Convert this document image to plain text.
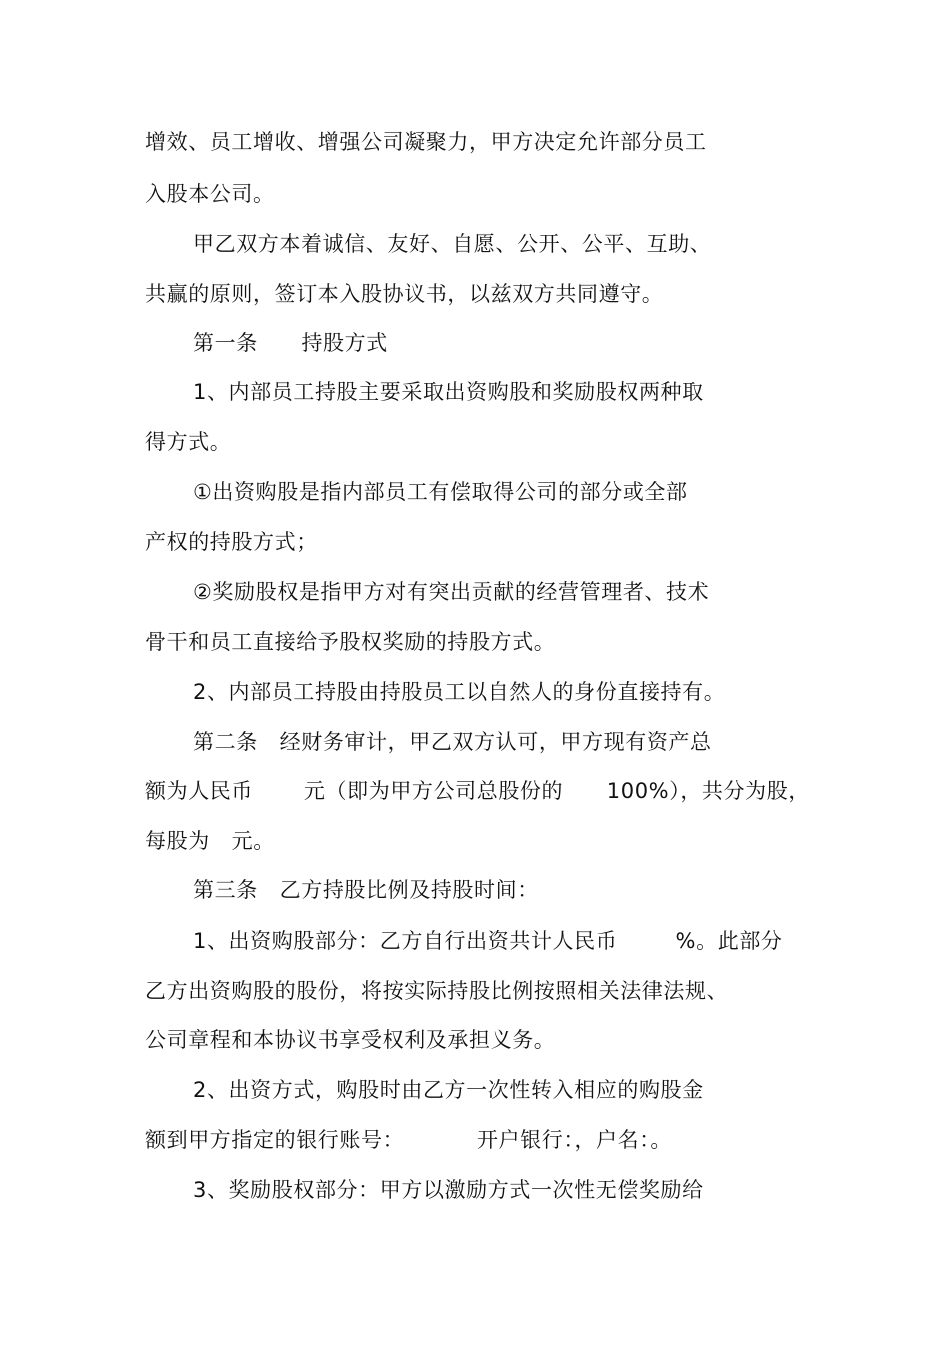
增效、员工增收、增强公司凝聚力，甲方决定允许部分员工
入股本公司。
甲乙双方本着诚信、友好、自愿、公开、公平、互助、
共赢的原则，签订本入股协议书，以兹双方共同遵守。
第一条      持股方式
1、内部员工持股主要采取出资购股和奖励股权两种取
得方式。
①出资购股是指内部员工有偿取得公司的部分或全部
产权的持股方式；
②奖励股权是指甲方对有突出贡献的经营管理者、技术
骨干和员工直接给予股权奖励的持股方式。
2、内部员工持股由持股员工以自然人的身份直接持有。
第二条   经财务审计，甲乙双方认可，甲方现有资产总
额为人民币       元（即为甲方公司总股份的      100%），共分为股，
每股为   元。
第三条   乙方持股比例及持股时间：
1、出资购股部分：乙方自行出资共计人民币        %。此部分
乙方出资购股的股份，将按实际持股比例按照相关法律法规、
公司章程和本协议书享受权利及承担义务。
2、出资方式，购股时由乙方一次性转入相应的购股金
额到甲方指定的银行账号：          开户银行：，户名：。
3、奖励股权部分：甲方以激励方式一次性无偿奖励给
